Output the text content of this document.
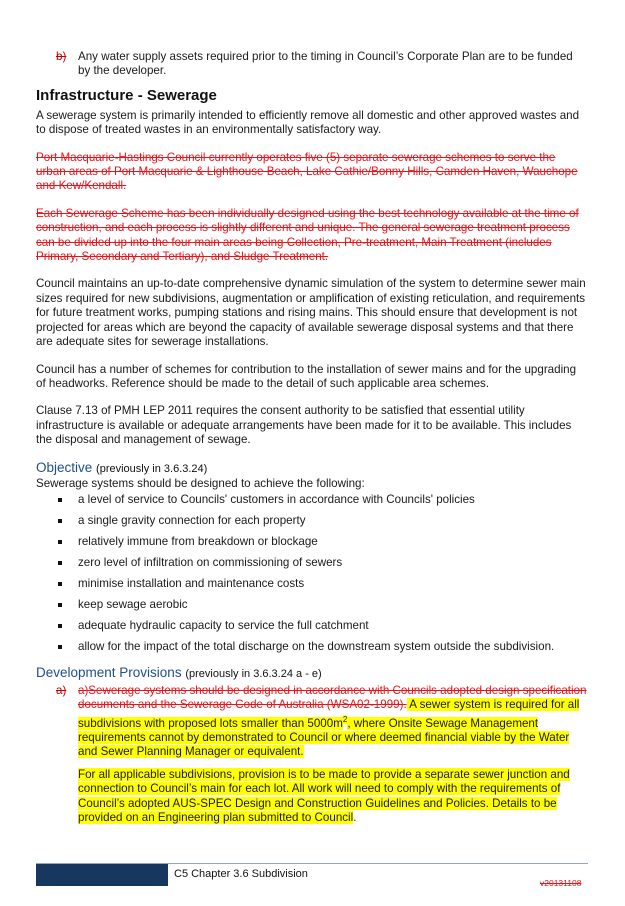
b) Any water supply assets required prior to the timing in Council’s Corporate Plan are to be funded by the developer.
Infrastructure - Sewerage

A sewerage system is primarily intended to efficiently remove all domestic and other approved wastes and to dispose of treated wastes in an environmentally satisfactory way.

Port Macquarie-Hastings Council currently operates five (5) separate sewerage schemes to serve the urban areas of Port Macquarie & Lighthouse Beach, Lake Cathie/Bonny Hills, Camden Haven, Wauchope and Kew/Kendall.

Each Sewerage Scheme has been individually designed using the best technology available at the time of construction, and each process is slightly different and unique. The general sewerage treatment process can be divided up into the four main areas being Collection, Pre-treatment, Main Treatment (includes Primary, Secondary and Tertiary), and Sludge Treatment.

Council maintains an up-to-date comprehensive dynamic simulation of the system to determine sewer main sizes required for new subdivisions, augmentation or amplification of existing reticulation, and requirements for future treatment works, pumping stations and rising mains. This should ensure that development is not projected for areas which are beyond the capacity of available sewerage disposal systems and that there are adequate sites for sewerage installations.

Council has a number of schemes for contribution to the installation of sewer mains and for the upgrading of headworks. Reference should be made to the detail of such applicable area schemes.

Clause 7.13 of PMH LEP 2011 requires the consent authority to be satisfied that essential utility infrastructure is available or adequate arrangements have been made for it to be available. This includes the disposal and management of sewage.

Objective (previously in 3.6.3.24)
Sewerage systems should be designed to achieve the following:
a level of service to Councils' customers in accordance with Councils' policies
a single gravity connection for each property
relatively immune from breakdown or blockage
zero level of infiltration on commissioning of sewers
minimise installation and maintenance costs
keep sewage aerobic
adequate hydraulic capacity to service the full catchment
allow for the impact of the total discharge on the downstream system outside the subdivision.
Development Provisions (previously in 3.6.3.24 a - e)
a) a)Sewerage systems should be designed in accordance with Councils adopted design specification documents and the Sewerage Code of Australia (WSA02-1999). A sewer system is required for all subdivisions with proposed lots smaller than $5000m^2$, where Onsite Sewage Management requirements cannot by demonstrated to Council or where deemed financial viable by the Water and Sewer Planning Manager or equivalent.

For all applicable subdivisions, provision is to be made to provide a separate sewer junction and connection to Council’s main for each lot. All work will need to comply with the requirements of Council’s adopted AUS-SPEC Design and Construction Guidelines and Policies. Details to be provided on an Engineering plan submitted to Council.

C5 Chapter 3.6 Subdivision
v20131108
